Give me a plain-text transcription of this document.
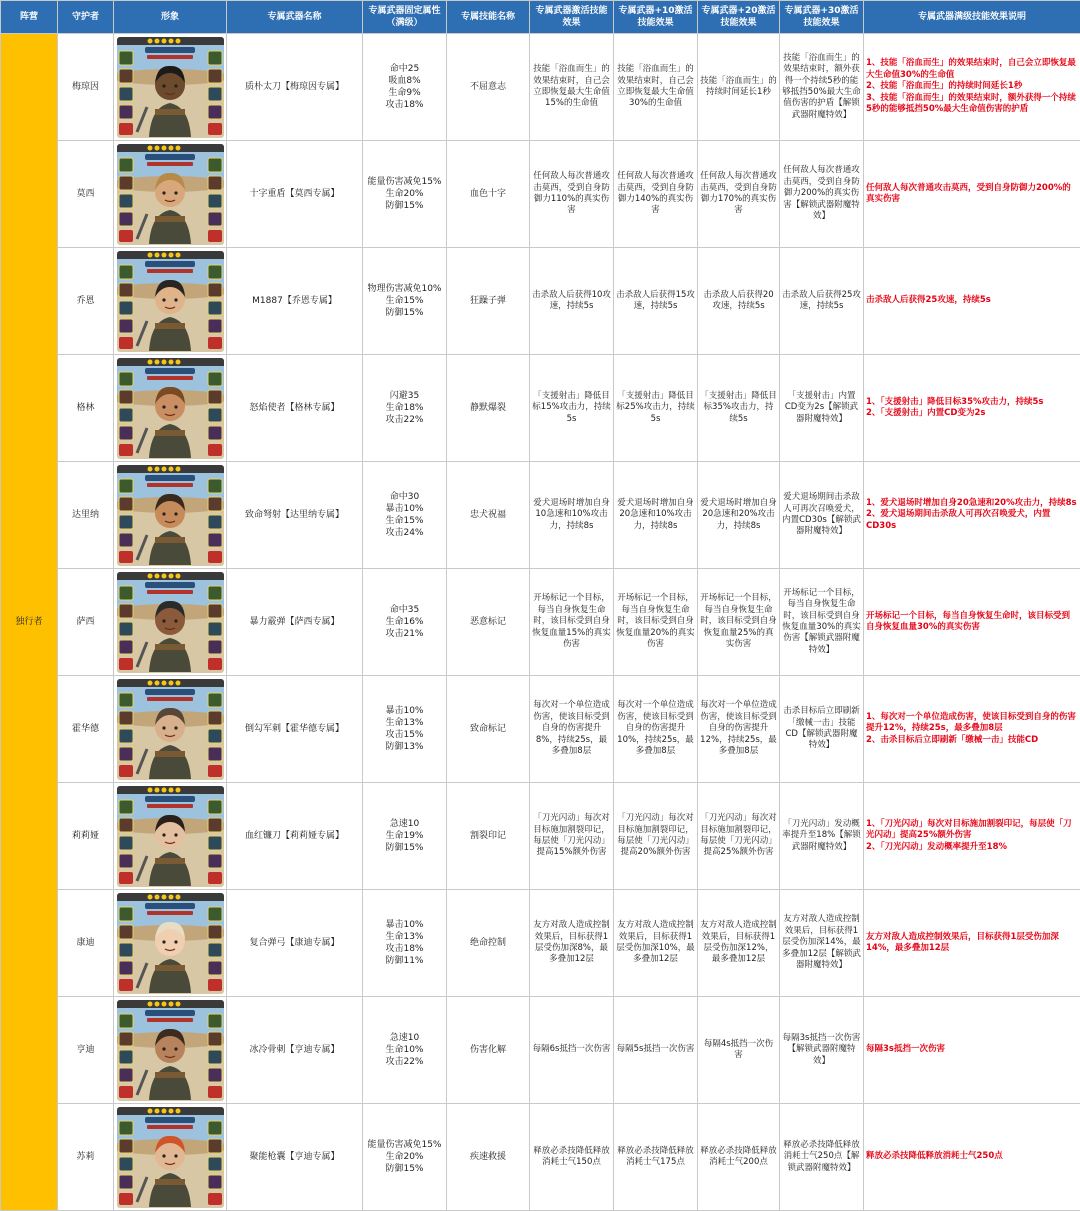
阵营	守护者	形象	专属武器名称	专属武器固定属性（满级）	专属技能名称	专属武器激活技能效果	专属武器+10激活技能效果	专属武器+20激活技能效果	专属武器+30激活技能效果	专属武器满级技能效果说明
独行者	梅琼因		质朴太刀【梅琼因专属】	命中25
吸血8%
生命9%
攻击18%	不屈意志	技能「浴血而生」的效果结束时，自己会立即恢复最大生命值15%的生命值	技能「浴血而生」的效果结束时，自己会立即恢复最大生命值30%的生命值	技能「浴血而生」的持续时间延长1秒	技能「浴血而生」的效果结束时，额外获得一个持续5秒的能够抵挡50%最大生命值伤害的护盾【解锁武器附魔特效】	1、技能「浴血而生」的效果结束时，自己会立即恢复最大生命值30%的生命值
2、技能「浴血而生」的持续时间延长1秒
3、技能「浴血而生」的效果结束时，额外获得一个持续5秒的能够抵挡50%最大生命值伤害的护盾

	莫西		十字重盾【莫西专属】	能量伤害减免15%
生命20%
防御15%	血色十字	任何敌人每次普通攻击莫西，受到自身防御力110%的真实伤害	任何敌人每次普通攻击莫西，受到自身防御力140%的真实伤害	任何敌人每次普通攻击莫西，受到自身防御力170%的真实伤害	任何敌人每次普通攻击莫西，受到自身防御力200%的真实伤害【解锁武器附魔特效】	任何敌人每次普通攻击莫西，受到自身防御力200%的真实伤害

	乔恩		M1887【乔恩专属】	物理伤害减免10%
生命15%
防御15%	狂躁子弹	击杀敌人后获得10攻速，持续5s	击杀敌人后获得15攻速，持续5s	击杀敌人后获得20攻速，持续5s	击杀敌人后获得25攻速，持续5s	击杀敌人后获得25攻速，持续5s

	格林		怒焰使者【格林专属】	闪避35
生命18%
攻击22%	静默爆裂	「支援射击」降低目标15%攻击力，持续5s	「支援射击」降低目标25%攻击力，持续5s	「支援射击」降低目标35%攻击力，持续5s	「支援射击」内置CD变为2s【解锁武器附魔特效】	1、「支援射击」降低目标35%攻击力，持续5s
2、「支援射击」内置CD变为2s

	达里纳		致命弩射【达里纳专属】	命中30
暴击10%
生命15%
攻击24%	忠犬祝福	爱犬退场时增加自身10急速和10%攻击力，持续8s	爱犬退场时增加自身20急速和10%攻击力，持续8s	爱犬退场时增加自身20急速和20%攻击力，持续8s	爱犬退场期间击杀敌人可再次召唤爱犬，内置CD30s【解锁武器附魔特效】	1、爱犬退场时增加自身20急速和20%攻击力，持续8s
2、爱犬退场期间击杀敌人可再次召唤爱犬，内置CD30s

	萨西		暴力霰弹【萨西专属】	命中35
生命16%
攻击21%	恶意标记	开场标记一个目标，每当自身恢复生命时，该目标受到自身恢复血量15%的真实伤害	开场标记一个目标，每当自身恢复生命时，该目标受到自身恢复血量20%的真实伤害	开场标记一个目标，每当自身恢复生命时，该目标受到自身恢复血量25%的真实伤害	开场标记一个目标，每当自身恢复生命时，该目标受到自身恢复血量30%的真实伤害【解锁武器附魔特效】	开场标记一个目标，每当自身恢复生命时，该目标受到自身恢复血量30%的真实伤害

	霍华德		倒勾军刺【霍华德专属】	暴击10%
生命13%
攻击15%
防御13%	致命标记	每次对一个单位造成伤害，使该目标受到自身的伤害提升8%，持续25s，最多叠加8层	每次对一个单位造成伤害，使该目标受到自身的伤害提升10%，持续25s，最多叠加8层	每次对一个单位造成伤害，使该目标受到自身的伤害提升12%，持续25s，最多叠加8层	击杀目标后立即刷新「缴械一击」技能CD【解锁武器附魔特效】	1、每次对一个单位造成伤害，使该目标受到自身的伤害提升12%，持续25s，最多叠加8层
2、击杀目标后立即刷新「缴械一击」技能CD

	莉莉娅		血红镰刀【莉莉娅专属】	急速10
生命19%
防御15%	割裂印记	「刀光闪动」每次对目标施加割裂印记，每层使「刀光闪动」提高15%额外伤害	「刀光闪动」每次对目标施加割裂印记，每层使「刀光闪动」提高20%额外伤害	「刀光闪动」每次对目标施加割裂印记，每层使「刀光闪动」提高25%额外伤害	「刀光闪动」发动概率提升至18%【解锁武器附魔特效】	1、「刀光闪动」每次对目标施加割裂印记，每层使「刀光闪动」提高25%额外伤害
2、「刀光闪动」发动概率提升至18%

	康迪		复合弹弓【康迪专属】	暴击10%
生命13%
攻击18%
防御11%	绝命控制	友方对敌人造成控制效果后，目标获得1层受伤加深8%，最多叠加12层	友方对敌人造成控制效果后，目标获得1层受伤加深10%，最多叠加12层	友方对敌人造成控制效果后，目标获得1层受伤加深12%，最多叠加12层	友方对敌人造成控制效果后，目标获得1层受伤加深14%，最多叠加12层【解锁武器附魔特效】	友方对敌人造成控制效果后，目标获得1层受伤加深14%，最多叠加12层

	亨迪		冰冷骨刺【亨迪专属】	急速10
生命10%
攻击22%	伤害化解	每隔6s抵挡一次伤害	每隔5s抵挡一次伤害	每隔4s抵挡一次伤害	每隔3s抵挡一次伤害【解锁武器附魔特效】	每隔3s抵挡一次伤害

	苏莉		聚能枪囊【亨迪专属】	能量伤害减免15%
生命20%
防御15%	疾速救援	释放必杀技降低释放消耗士气150点	释放必杀技降低释放消耗士气175点	释放必杀技降低释放消耗士气200点	释放必杀技降低释放消耗士气250点【解锁武器附魔特效】	释放必杀技降低释放消耗士气250点
